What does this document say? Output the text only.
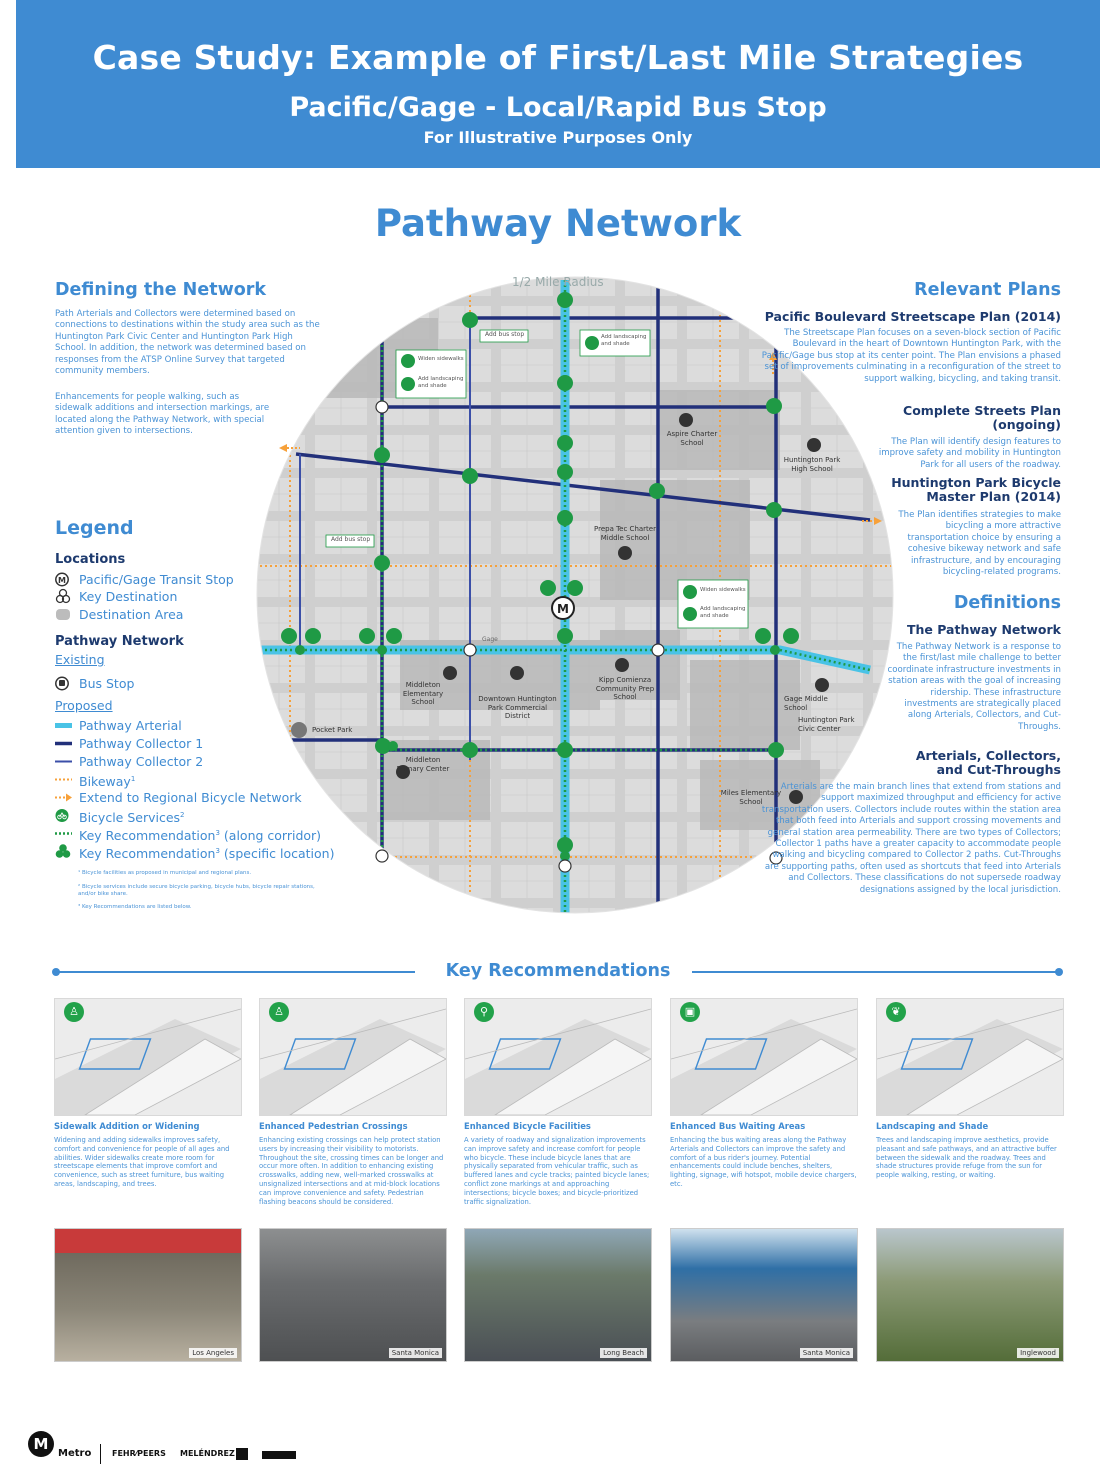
Case Study: Example of First/Last Mile Strategies
Pacific/Gage - Local/Rapid Bus Stop
For Illustrative Purposes Only
Pathway Network
Defining the Network
Path Arterials and Collectors were determined based on connections to destinations within the study area such as the Huntington Park Civic Center and Huntington Park High School. In addition, the network was determined based on responses from the ATSP Online Survey that targeted community members.
Enhancements for people walking, such as sidewalk additions and intersection markings, are located along the Pathway Network, with special attention given to intersections.
Legend
Locations
M Pacific/Gage Transit Stop
Key Destination
Destination Area
Pathway Network
Existing
Bus Stop
Proposed
Pathway Arterial
Pathway Collector 1
Pathway Collector 2
Bikeway$^1$
Extend to Regional Bicycle Network
Bicycle Services$^2$
Key Recommendation$^3$ (along corridor)
Key Recommendation$^3$ (specific location)
¹ Bicycle facilities as proposed in municipal and regional plans.
² Bicycle services include secure bicycle parking, bicycle hubs, bicycle repair stations, and/or bike share.
³ Key Recommendations are listed below.
M
1/2 Mile Radius
Add bus stop
Add bus stop
Add landscaping and shade
Widen sidewalks
Add landscaping and shade
Widen sidewalks
Add landscaping and shade
Gage
Aspire Charter School
Huntington Park High School
Prepa Tec Charter Middle School
Middleton Elementary School	Downtown Huntington Park Commercial District
Kipp Comienza Community Prep School	Gage Middle School
Huntington Park Civic Center
Pocket Park
Middleton Primary Center
Miles Elementary School
Relevant Plans
Pacific Boulevard Streetscape Plan (2014)
The Streetscape Plan focuses on a seven-block section of Pacific Boulevard in the heart of Downtown Huntington Park, with the Pacific/Gage bus stop at its center point. The Plan envisions a phased set of improvements culminating in a reconfiguration of the street to support walking, bicycling, and taking transit.
Complete Streets Plan
(ongoing)
The Plan will identify design features to improve safety and mobility in Huntington Park for all users of the roadway.
Huntington Park Bicycle
Master Plan (2014)
The Plan identifies strategies to make bicycling a more attractive transportation choice by ensuring a cohesive bikeway network and safe infrastructure, and by encouraging bicycling-related programs.
Definitions
The Pathway Network
The Pathway Network is a response to the first/last mile challenge to better coordinate infrastructure investments in station areas with the goal of increasing ridership. These infrastructure investments are strategically placed along Arterials, Collectors, and Cut-Throughs.
Arterials, Collectors,
and Cut-Throughs
Arterials are the main branch lines that extend from stations and support maximized throughput and efficiency for active transportation users. Collectors include routes within the station area that both feed into Arterials and support crossing movements and general station area permeability. There are two types of Collectors; Collector 1 paths have a greater capacity to accommodate people walking and bicycling compared to Collector 2 paths. Cut-Throughs are supporting paths, often used as shortcuts that feed into Arterials and Collectors. These classifications do not supersede roadway designations assigned by the local jurisdiction.
Key Recommendations
♙
Sidewalk Addition or Widening
Widening and adding sidewalks improves safety, comfort and convenience for people of all ages and abilities. Wider sidewalks create more room for streetscape elements that improve comfort and convenience, such as street furniture, bus waiting areas, landscaping, and trees.
Los Angeles
♙
Enhanced Pedestrian Crossings
Enhancing existing crossings can help protect station users by increasing their visibility to motorists. Throughout the site, crossing times can be longer and occur more often. In addition to enhancing existing crosswalks, adding new, well-marked crosswalks at unsignalized intersections and at mid-block locations can improve convenience and safety. Pedestrian flashing beacons should be considered.
Santa Monica
⚲
Enhanced Bicycle Facilities
A variety of roadway and signalization improvements can improve safety and increase comfort for people who bicycle. These include bicycle lanes that are physically separated from vehicular traffic, such as buffered lanes and cycle tracks; painted bicycle lanes; conflict zone markings at and approaching intersections; bicycle boxes; and bicycle-prioritized traffic signalization.
Long Beach
▣
Enhanced Bus Waiting Areas
Enhancing the bus waiting areas along the Pathway Arterials and Collectors can improve the safety and comfort of a bus rider's journey. Potential enhancements could include benches, shelters, lighting, signage, wifi hotspot, mobile device chargers, etc.
Santa Monica
❦
Landscaping and Shade
Trees and landscaping improve aesthetics, provide pleasant and safe pathways, and an attractive buffer between the sidewalk and the roadway. Trees and shade structures provide refuge from the sun for people walking, resting, or waiting.
Inglewood
M
Metro	FEHR⁄PEERS MELÉNDREZ
